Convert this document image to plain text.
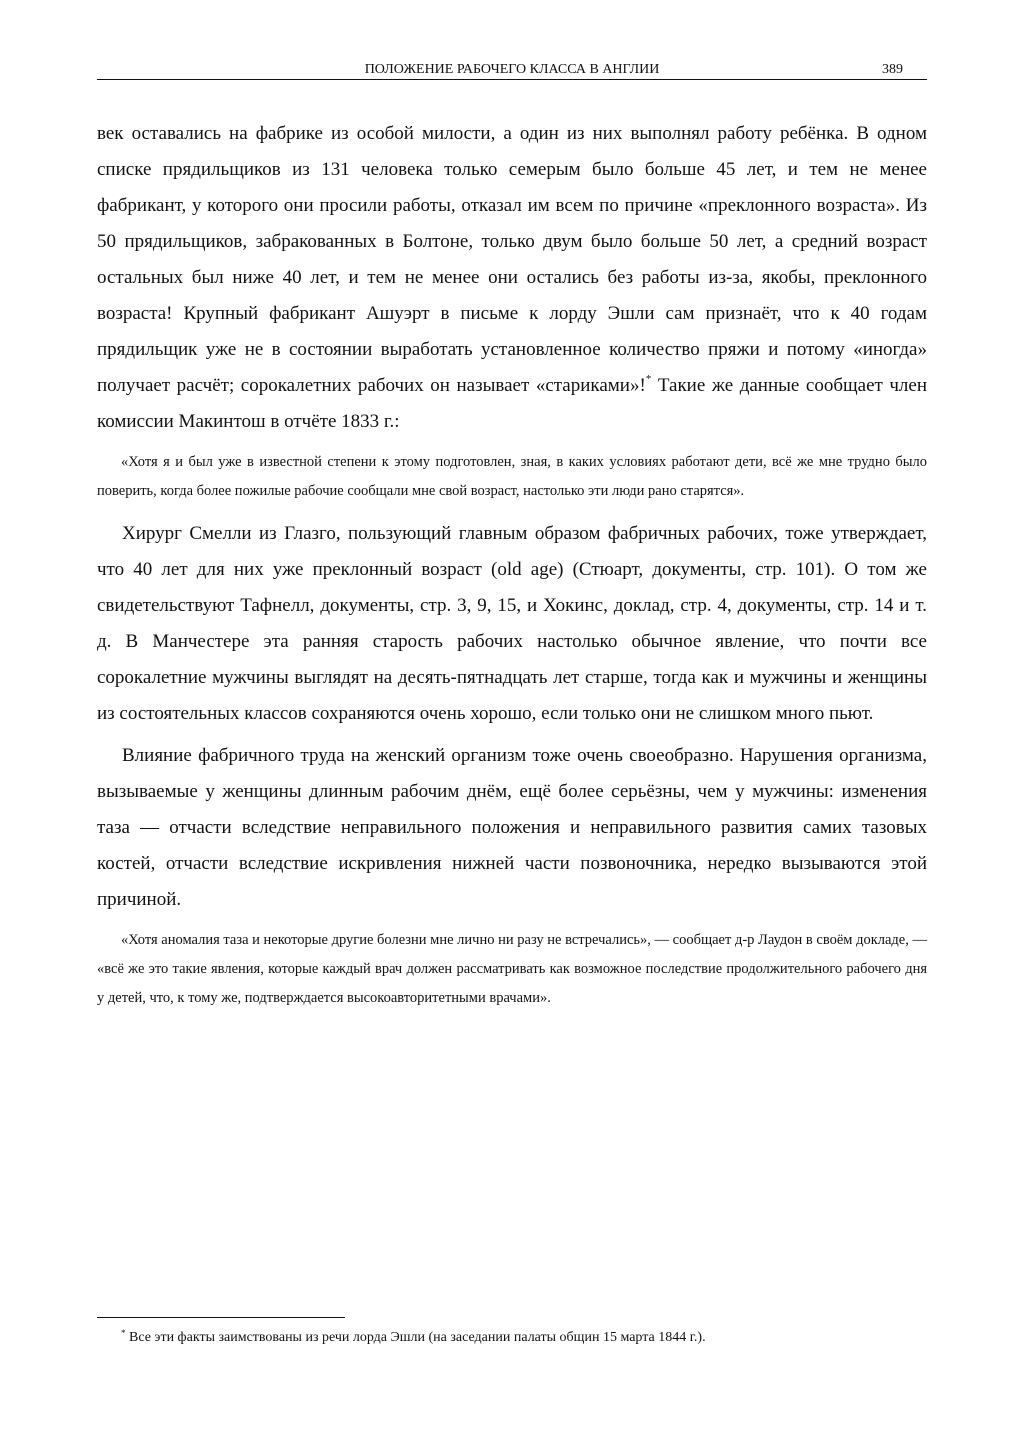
ПОЛОЖЕНИЕ РАБОЧЕГО КЛАССА В АНГЛИИ	389

век оставались на фабрике из особой милости, а один из них выполнял работу ребёнка. В одном списке прядильщиков из 131 человека только семерым было больше 45 лет, и тем не менее фабрикант, у которого они просили работы, отказал им всем по причине «преклонного возраста». Из 50 прядильщиков, забракованных в Болтоне, только двум было больше 50 лет, а средний возраст остальных был ниже 40 лет, и тем не менее они остались без работы из-за, якобы, преклонного возраста! Крупный фабрикант Ашуэрт в письме к лорду Эшли сам признаёт, что к 40 годам прядильщик уже не в состоянии выработать установленное количество пряжи и потому «иногда» получает расчёт; сорокалетних рабочих он называет «стариками»!* Такие же данные сообщает член комиссии Макинтош в отчёте 1833 г.:

«Хотя я и был уже в известной степени к этому подготовлен, зная, в каких условиях работают дети, всё же мне трудно было поверить, когда более пожилые рабочие сообщали мне свой возраст, настолько эти люди рано старятся».

Хирург Смелли из Глазго, пользующий главным образом фабричных рабочих, тоже утверждает, что 40 лет для них уже преклонный возраст (old age) (Стюарт, документы, стр. 101). О том же свидетельствуют Тафнелл, документы, стр. 3, 9, 15, и Хокинс, доклад, стр. 4, документы, стр. 14 и т. д. В Манчестере эта ранняя старость рабочих настолько обычное явление, что почти все сорокалетние мужчины выглядят на десять-пятнадцать лет старше, тогда как и мужчины и женщины из состоятельных классов сохраняются очень хорошо, если только они не слишком много пьют.

Влияние фабричного труда на женский организм тоже очень своеобразно. Нарушения организма, вызываемые у женщины длинным рабочим днём, ещё более серьёзны, чем у мужчины: изменения таза — отчасти вследствие неправильного положения и неправильного развития самих тазовых костей, отчасти вследствие искривления нижней части позвоночника, нередко вызываются этой причиной.

«Хотя аномалия таза и некоторые другие болезни мне лично ни разу не встречались», — сообщает д-р Лаудон в своём докладе, — «всё же это такие явления, которые каждый врач должен рассматривать как возможное последствие продолжительного рабочего дня у детей, что, к тому же, подтверждается высокоавторитетными врачами».

* Все эти факты заимствованы из речи лорда Эшли (на заседании палаты общин 15 марта 1844 г.).
